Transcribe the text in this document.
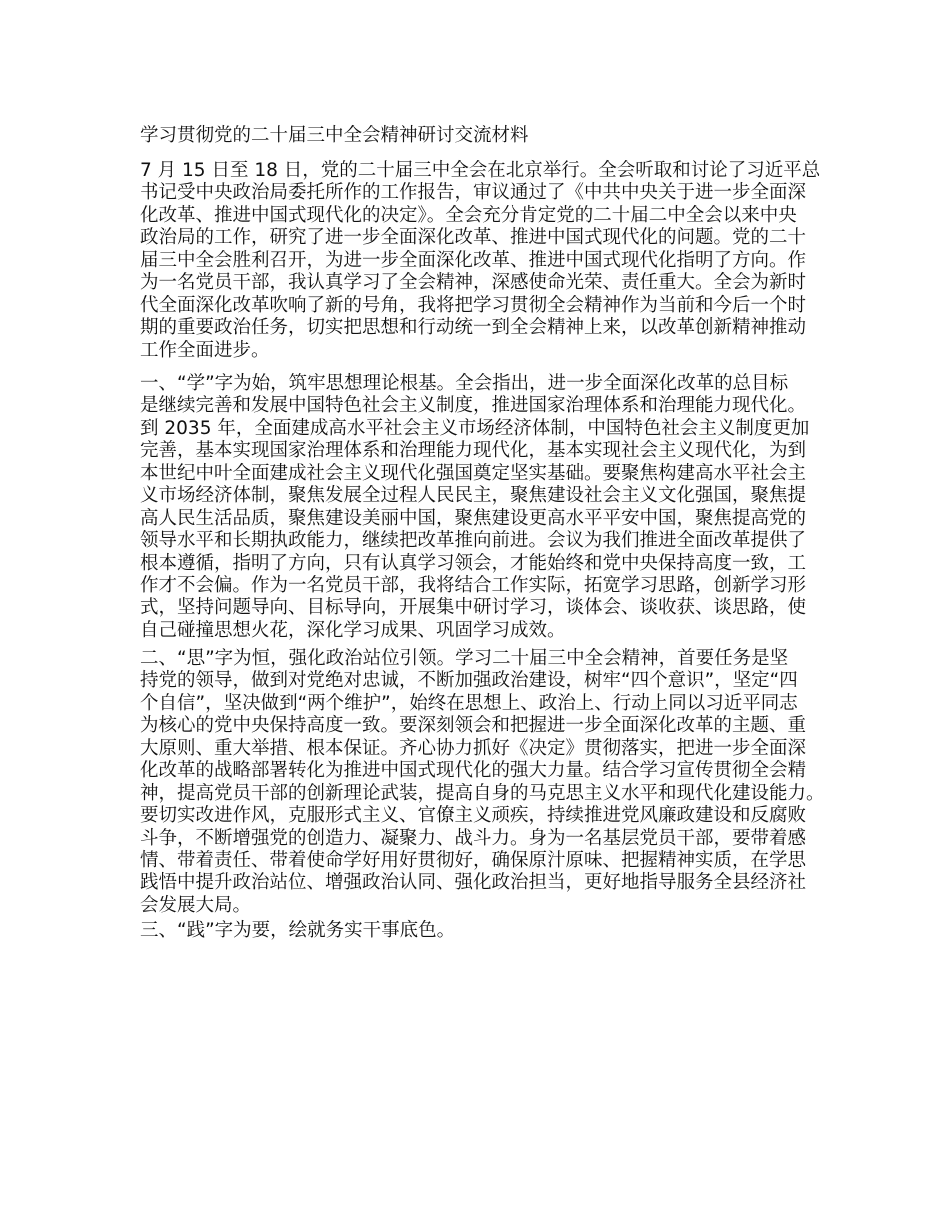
学习贯彻党的二十届三中全会精神研讨交流材料
7 月 15 日至 18 日，党的二十届三中全会在北京举行。全会听取和讨论了习近平总
书记受中央政治局委托所作的工作报告，审议通过了《中共中央关于进一步全面深
化改革、推进中国式现代化的决定》。全会充分肯定党的二十届二中全会以来中央
政治局的工作，研究了进一步全面深化改革、推进中国式现代化的问题。党的二十
届三中全会胜利召开，为进一步全面深化改革、推进中国式现代化指明了方向。作
为一名党员干部，我认真学习了全会精神，深感使命光荣、责任重大。全会为新时
代全面深化改革吹响了新的号角，我将把学习贯彻全会精神作为当前和今后一个时
期的重要政治任务，切实把思想和行动统一到全会精神上来，以改革创新精神推动
工作全面进步。
一、“学”字为始，筑牢思想理论根基。全会指出，进一步全面深化改革的总目标
是继续完善和发展中国特色社会主义制度，推进国家治理体系和治理能力现代化。
到 2035 年，全面建成高水平社会主义市场经济体制，中国特色社会主义制度更加
完善，基本实现国家治理体系和治理能力现代化，基本实现社会主义现代化，为到
本世纪中叶全面建成社会主义现代化强国奠定坚实基础。要聚焦构建高水平社会主
义市场经济体制，聚焦发展全过程人民民主，聚焦建设社会主义文化强国，聚焦提
高人民生活品质，聚焦建设美丽中国，聚焦建设更高水平平安中国，聚焦提高党的
领导水平和长期执政能力，继续把改革推向前进。会议为我们推进全面改革提供了
根本遵循，指明了方向，只有认真学习领会，才能始终和党中央保持高度一致，工
作才不会偏。作为一名党员干部，我将结合工作实际，拓宽学习思路，创新学习形
式，坚持问题导向、目标导向，开展集中研讨学习，谈体会、谈收获、谈思路，使
自己碰撞思想火花，深化学习成果、巩固学习成效。
二、“思”字为恒，强化政治站位引领。学习二十届三中全会精神，首要任务是坚
持党的领导，做到对党绝对忠诚，不断加强政治建设，树牢“四个意识”，坚定“四
个自信”，坚决做到“两个维护”，始终在思想上、政治上、行动上同以习近平同志
为核心的党中央保持高度一致。要深刻领会和把握进一步全面深化改革的主题、重
大原则、重大举措、根本保证。齐心协力抓好《决定》贯彻落实，把进一步全面深
化改革的战略部署转化为推进中国式现代化的强大力量。结合学习宣传贯彻全会精
神，提高党员干部的创新理论武装，提高自身的马克思主义水平和现代化建设能力。
要切实改进作风，克服形式主义、官僚主义顽疾，持续推进党风廉政建设和反腐败
斗争，不断增强党的创造力、凝聚力、战斗力。身为一名基层党员干部，要带着感
情、带着责任、带着使命学好用好贯彻好，确保原汁原味、把握精神实质，在学思
践悟中提升政治站位、增强政治认同、强化政治担当，更好地指导服务全县经济社
会发展大局。
三、“践”字为要，绘就务实干事底色。
